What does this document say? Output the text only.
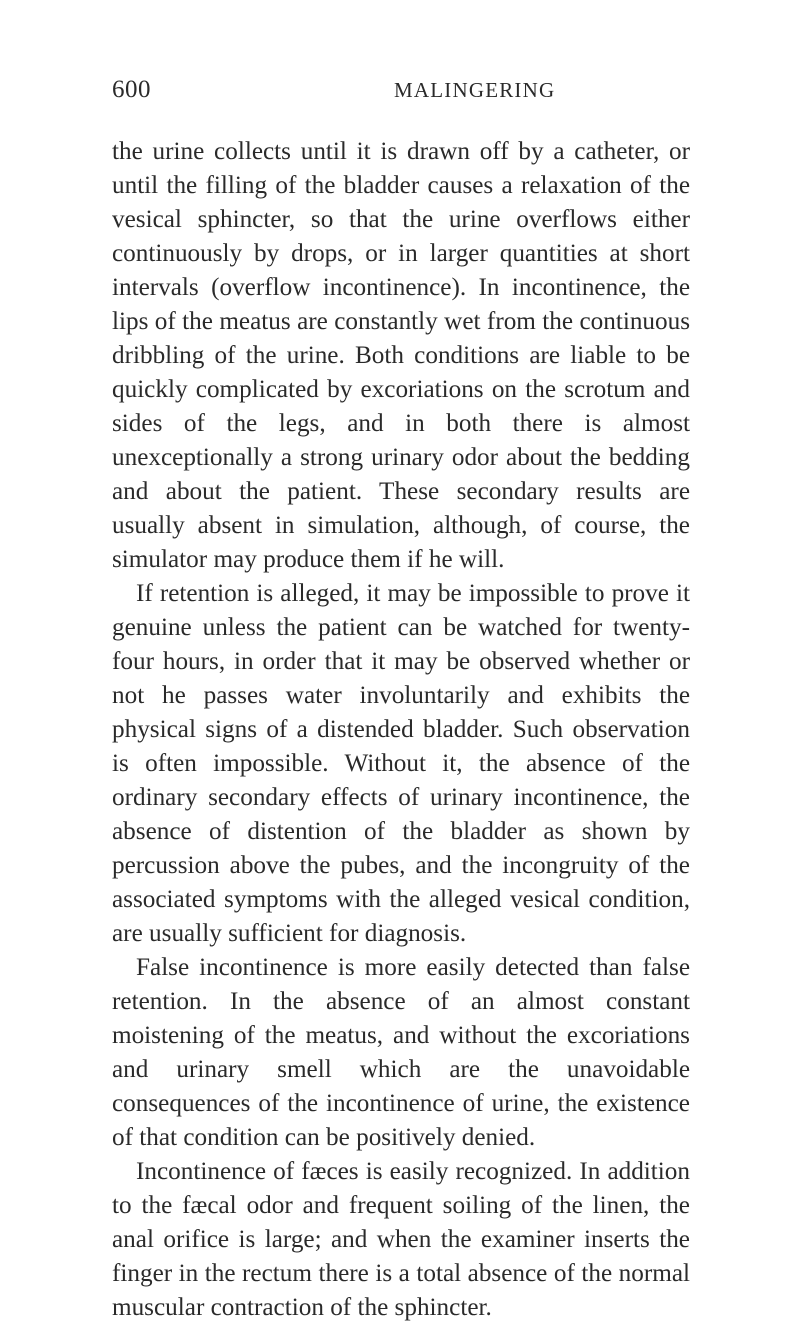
600	MALINGERING

the urine collects until it is drawn off by a catheter, or until the filling of the bladder causes a relaxation of the vesical sphincter, so that the urine overflows either continuously by drops, or in larger quantities at short intervals (overflow incontinence). In incontinence, the lips of the meatus are constantly wet from the continuous dribbling of the urine. Both conditions are liable to be quickly complicated by excoriations on the scrotum and sides of the legs, and in both there is almost unexceptionally a strong urinary odor about the bedding and about the patient. These secondary results are usually absent in simulation, although, of course, the simulator may produce them if he will.

If retention is alleged, it may be impossible to prove it genuine unless the patient can be watched for twenty-four hours, in order that it may be observed whether or not he passes water involuntarily and exhibits the physical signs of a distended bladder. Such observation is often impossible. Without it, the absence of the ordinary secondary effects of urinary incontinence, the absence of distention of the bladder as shown by percussion above the pubes, and the incongruity of the associated symptoms with the alleged vesical condition, are usually sufficient for diagnosis.

False incontinence is more easily detected than false retention. In the absence of an almost constant moistening of the meatus, and without the excoriations and urinary smell which are the unavoidable consequences of the incontinence of urine, the existence of that condition can be positively denied.

Incontinence of fæces is easily recognized. In addition to the fæcal odor and frequent soiling of the linen, the anal orifice is large; and when the examiner inserts the finger in the rectum there is a total absence of the normal muscular contraction of the sphincter.
